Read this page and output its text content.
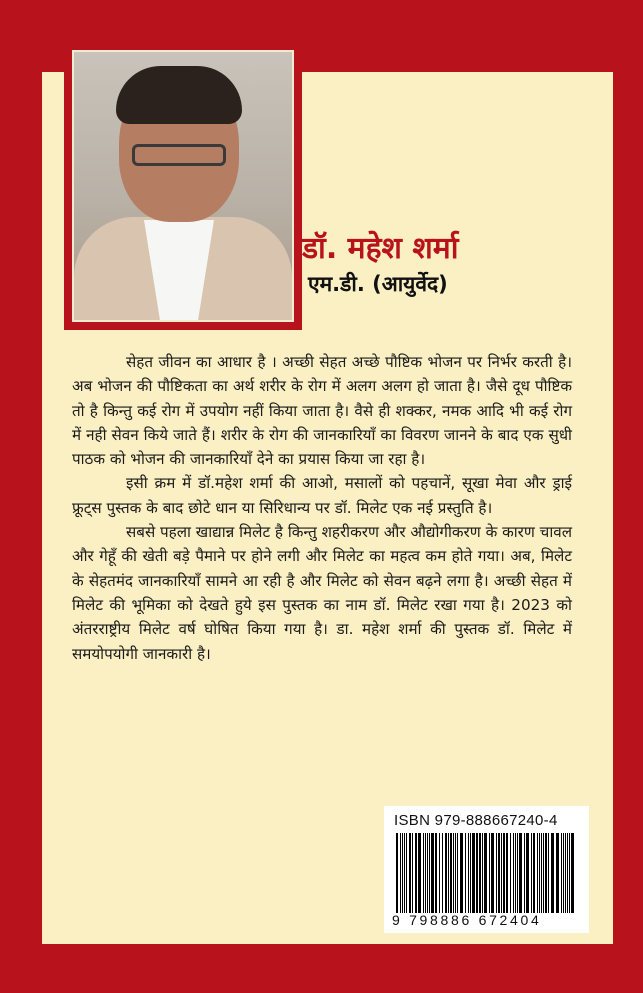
डॉ. महेश शर्मा
एम.डी. (आयुर्वेद)

सेहत जीवन का आधार है । अच्छी सेहत अच्छे पौष्टिक भोजन पर निर्भर करती है। अब भोजन की पौष्टिकता का अर्थ शरीर के रोग में अलग अलग हो जाता है। जैसे दूध पौष्टिक तो है किन्तु कई रोग में उपयोग नहीं किया जाता है। वैसे ही शक्कर, नमक आदि भी कई रोग में नही सेवन किये जाते हैं। शरीर के रोग की जानकारियाँ का विवरण जानने के बाद एक सुधी पाठक को भोजन की जानकारियाँ देने का प्रयास किया जा रहा है।

इसी क्रम में डॉ.महेश शर्मा की आओ, मसालों को पहचानें, सूखा मेवा और ड्राई फ्रूट्स पुस्तक के बाद छोटे धान या सिरिधान्य पर डॉ. मिलेट एक नई प्रस्तुति है।

सबसे पहला खाद्यान्न मिलेट है किन्तु शहरीकरण और औद्योगीकरण के कारण चावल और गेहूँ की खेती बड़े पैमाने पर होने लगी और मिलेट का महत्व कम होते गया। अब, मिलेट के सेहतमंद जानकारियाँ सामने आ रही है और मिलेट को सेवन बढ़ने लगा है। अच्छी सेहत में मिलेट की भूमिका को देखते हुये इस पुस्तक का नाम डॉ. मिलेट रखा गया है। 2023 को अंतरराष्ट्रीय मिलेट वर्ष घोषित किया गया है। डा. महेश शर्मा की पुस्तक डॉ. मिलेट में समयोपयोगी जानकारी है।

ISBN 979-888667240-4
9 798886 672404
